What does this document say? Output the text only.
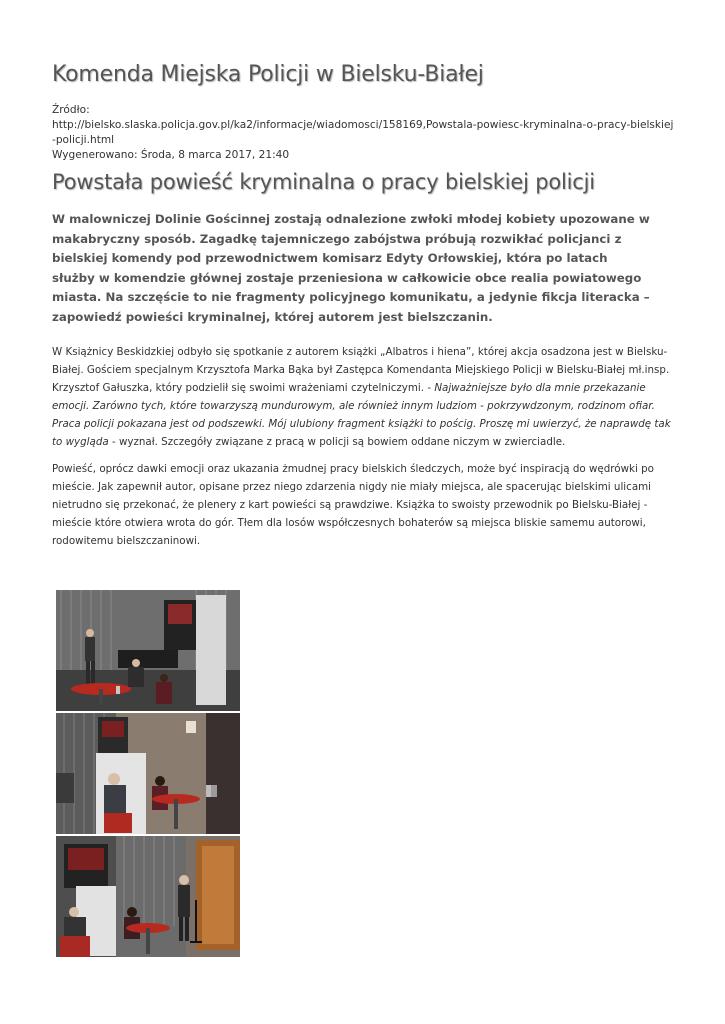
Komenda Miejska Policji w Bielsku-Białej
Źródło:
http://bielsko.slaska.policja.gov.pl/ka2/informacje/wiadomosci/158169,Powstala-powiesc-kryminalna-o-pracy-bielskiej-policji.html
Wygenerowano: Środa, 8 marca 2017, 21:40
Powstała powieść kryminalna o pracy bielskiej policji

W malowniczej Dolinie Gościnnej zostają odnalezione zwłoki młodej kobiety upozowane w makabryczny sposób. Zagadkę tajemniczego zabójstwa próbują rozwikłać policjanci z bielskiej komendy pod przewodnictwem komisarz Edyty Orłowskiej, która po latach służby w komendzie głównej zostaje przeniesiona w całkowicie obce realia powiatowego miasta. Na szczęście to nie fragmenty policyjnego komunikatu, a jedynie fikcja literacka – zapowiedź powieści kryminalnej, której autorem jest bielszczanin.

W Książnicy Beskidzkiej odbyło się spotkanie z autorem książki „Albatros i hiena”, której akcja osadzona jest w Bielsku-Białej. Gościem specjalnym Krzysztofa Marka Bąka był Zastępca Komendanta Miejskiego Policji w Bielsku-Białej mł.insp. Krzysztof Gałuszka, który podzielił się swoimi wrażeniami czytelniczymi. - Najważniejsze było dla mnie przekazanie emocji. Zarówno tych, które towarzyszą mundurowym, ale również innym ludziom - pokrzywdzonym, rodzinom ofiar. Praca policji pokazana jest od podszewki. Mój ulubiony fragment książki to pościg. Proszę mi uwierzyć, że naprawdę tak to wygląda - wyznał. Szczegóły związane z pracą w policji są bowiem oddane niczym w zwierciadle.

Powieść, oprócz dawki emocji oraz ukazania żmudnej pracy bielskich śledczych, może być inspiracją do wędrówki po mieście. Jak zapewnił autor, opisane przez niego zdarzenia nigdy nie miały miejsca, ale spacerując bielskimi ulicami nietrudno się przekonać, że plenery z kart powieści są prawdziwe. Książka to swoisty przewodnik po Bielsku-Białej - mieście które otwiera wrota do gór. Tłem dla losów współczesnych bohaterów są miejsca bliskie samemu autorowi, rodowitemu bielszczaninowi.
